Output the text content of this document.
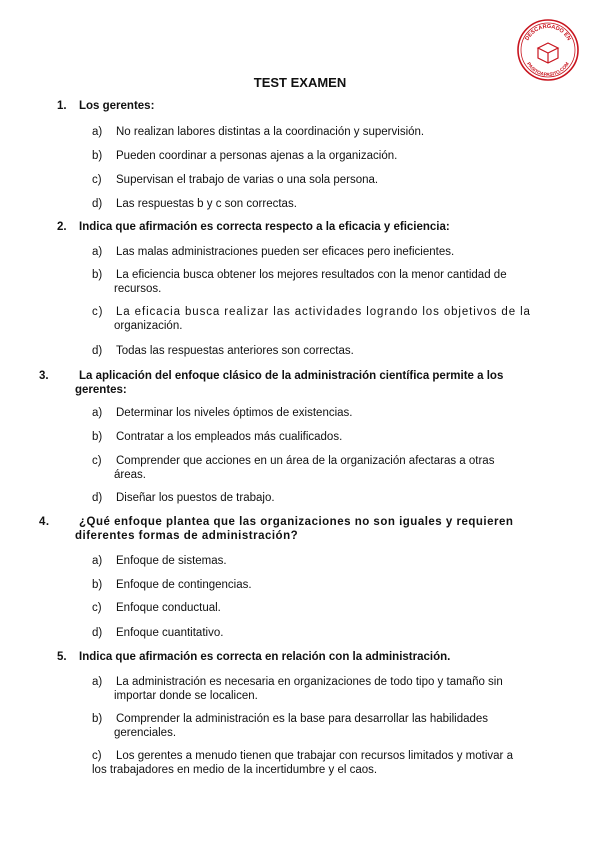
DESCARGADO EN
PASITOAPASITO.COM
TEST EXAMEN
1. Los gerentes:
a) No realizan labores distintas a la coordinación y supervisión.
b) Pueden coordinar a personas ajenas a la organización.
c) Supervisan el trabajo de varias o una sola persona.
d) Las respuestas b y c son correctas.
2. Indica que afirmación es correcta respecto a la eficacia y eficiencia:
a) Las malas administraciones pueden ser eficaces pero ineficientes.
b) La eficiencia busca obtener los mejores resultados con la menor cantidad de
recursos.
c) La eficacia busca realizar las actividades logrando los objetivos de la
organización.
d) Todas las respuestas anteriores son correctas.
3.	La aplicación del enfoque clásico de la administración científica permite a los gerentes:
a) Determinar los niveles óptimos de existencias.
b) Contratar a los empleados más cualificados.
c) Comprender que acciones en un área de la organización afectaras a otras
áreas.
d) Diseñar los puestos de trabajo.
4.	¿Qué enfoque plantea que las organizaciones no son iguales y requieren diferentes formas de administración?
a) Enfoque de sistemas.
b) Enfoque de contingencias.
c) Enfoque conductual.
d) Enfoque cuantitativo.
5. Indica que afirmación es correcta en relación con la administración.
a) La administración es necesaria en organizaciones de todo tipo y tamaño sin
importar donde se localicen.
b) Comprender la administración es la base para desarrollar las habilidades
gerenciales.
c) Los gerentes a menudo tienen que trabajar con recursos limitados y motivar a
los trabajadores en medio de la incertidumbre y el caos.
